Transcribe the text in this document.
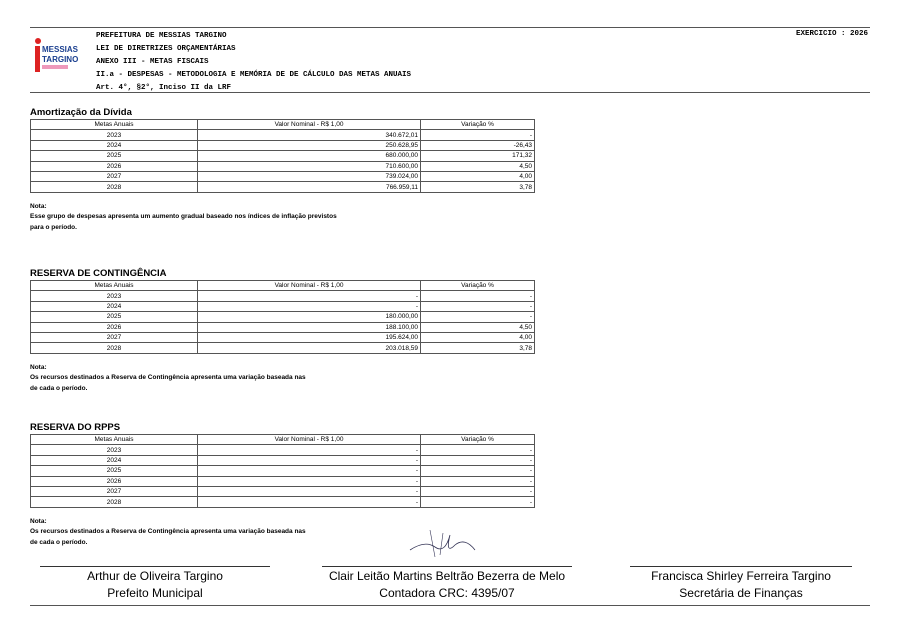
MESSIAS
TARGINO
PREFEITURA DE MESSIAS TARGINO
LEI DE DIRETRIZES ORÇAMENTÁRIAS
ANEXO III - METAS FISCAIS
II.a - DESPESAS - METODOLOGIA E MEMÓRIA DE DE CÁLCULO DAS METAS ANUAIS
Art. 4°, §2°, Inciso II da LRF
EXERCICIO : 2026
Amortização da Dívida
Metas Anuais	Valor Nominal - R$ 1,00	Variação %
2023	340.672,01	-
2024	250.628,95	-26,43
2025	680.000,00	171,32
2026	710.600,00	4,50
2027	739.024,00	4,00
2028	766.959,11	3,78
Nota:
Esse grupo de despesas apresenta um aumento gradual baseado nos índices de inflação previstos
para o período.
RESERVA DE CONTINGÊNCIA
Metas Anuais	Valor Nominal - R$ 1,00	Variação %
2023	-	-
2024	-	-
2025	180.000,00	-
2026	188.100,00	4,50
2027	195.624,00	4,00
2028	203.018,59	3,78
Nota:
Os recursos destinados a Reserva de Contingência apresenta uma variação baseada nas
de cada o período.
RESERVA DO RPPS
Metas Anuais	Valor Nominal - R$ 1,00	Variação %
2023	-	-
2024	-	-
2025	-	-
2026	-	-
2027	-	-
2028	-	-
Nota:
Os recursos destinados a Reserva de Contingência apresenta uma variação baseada nas
de cada o período.
Arthur de Oliveira Targino
Prefeito Municipal
Clair Leitão Martins Beltrão Bezerra de Melo
Contadora CRC: 4395/07
Francisca Shirley Ferreira Targino
Secretária de Finanças
